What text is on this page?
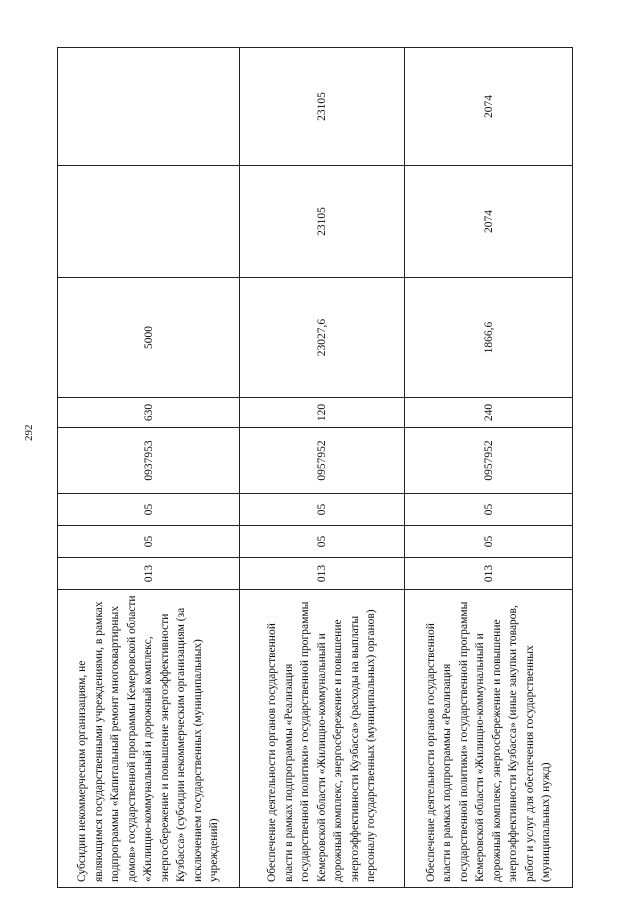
292
Субсидии некоммерческим организациям, не являющимся государственными учреждениями, в рамках подпрограммы «Капитальный ремонт многоквартирных домов» государственной программы Кемеровской области «Жилищно-коммунальный и дорожный комплекс, энергосбережение и повышение энергоэффективности Кузбасса» (субсидии некоммерческим организациям (за исключением государственных (муниципальных) учреждений)	013	05	05	0937953	630	5000		
Обеспечение деятельности органов государственной власти в рамках подпрограммы «Реализация государственной политики» государственной программы Кемеровской области «Жилищно-коммунальный и дорожный комплекс, энергосбережение и повышение энергоэффективности Кузбасса» (расходы на выплаты персоналу государственных (муниципальных) органов)	013	05	05	0957952	120	23027,6	23105	23105
Обеспечение деятельности органов государственной власти в рамках подпрограммы «Реализация государственной политики» государственной программы Кемеровской области «Жилищно-коммунальный и дорожный комплекс, энергосбережение и повышение энергоэффективности Кузбасса» (иные закупки товаров, работ и услуг для обеспечения государственных (муниципальных) нужд)	013	05	05	0957952	240	1866,6	2074	2074
